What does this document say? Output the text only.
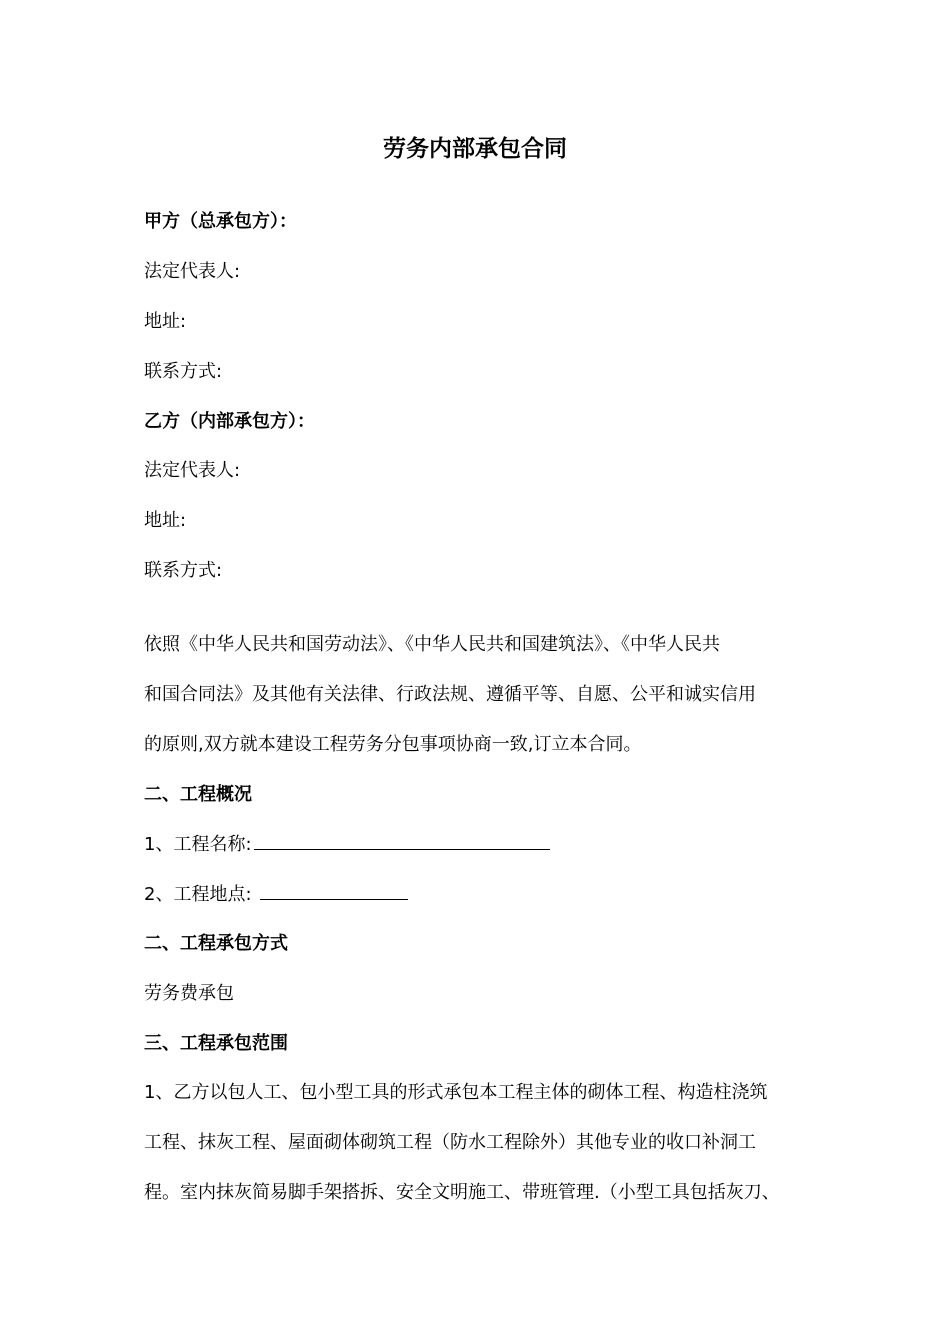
劳务内部承包合同
甲方（总承包方）：
法定代表人:
地址:
联系方式:
乙方（内部承包方）：
法定代表人:
地址:
联系方式:
依照《中华人民共和国劳动法》、《中华人民共和国建筑法》、《中华人民共
和国合同法》及其他有关法律、行政法规、遵循平等、自愿、公平和诚实信用
的原则,双方就本建设工程劳务分包事项协商一致,订立本合同。
二、工程概况
1、工程名称:
2、工程地点:
二、工程承包方式
劳务费承包
三、工程承包范围
1、乙方以包人工、包小型工具的形式承包本工程主体的砌体工程、构造柱浇筑
工程、抹灰工程、屋面砌体砌筑工程（防水工程除外）其他专业的收口补洞工
程。室内抹灰简易脚手架搭拆、安全文明施工、带班管理.（小型工具包括灰刀、
